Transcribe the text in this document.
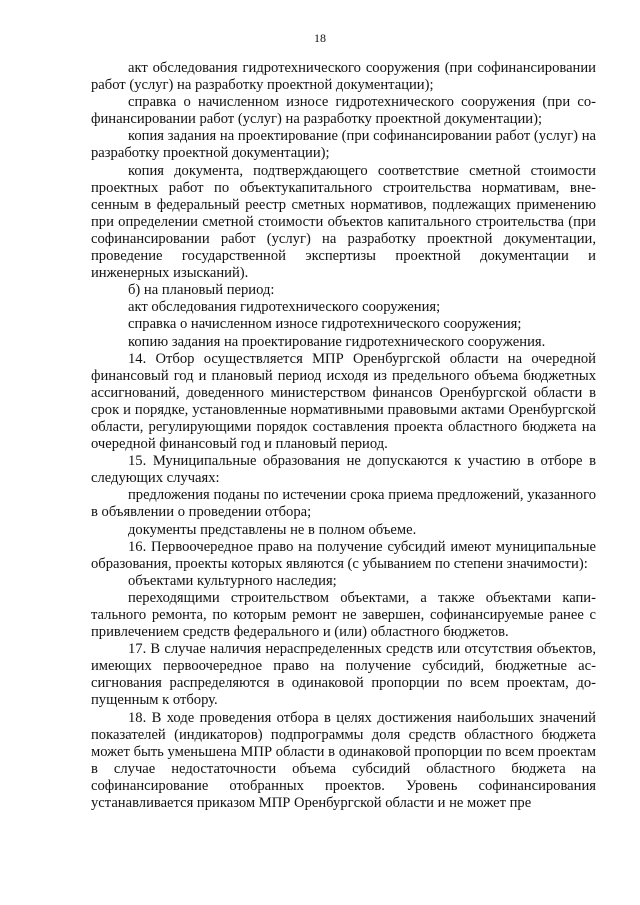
18

акт обследования гидротехнического сооружения (при софинансировании работ (услуг) на разработку проектной документации);

справка о начисленном износе гидротехнического сооружения (при софинансировании работ (услуг) на разработку проектной документации);

копия задания на проектирование (при софинансировании работ (услуг) на разработку проектной документации);

копия документа, подтверждающего соответствие сметной стоимости проектных работ по объектукапитального строительства нормативам, внесенным в федеральный реестр сметных нормативов, подлежащих применению при определении сметной стоимости объектов капитального строительства (при софинансировании работ (услуг) на разработку проектной документации, проведение государственной экспертизы проектной документации и инженерных изысканий).

б) на плановый период:

акт обследования гидротехнического сооружения;

справка о начисленном износе гидротехнического сооружения;

копию задания на проектирование гидротехнического сооружения.

14. Отбор осуществляется МПР Оренбургской области на очередной финансовый год и плановый период исходя из предельного объема бюджетных ассигнований, доведенного министерством финансов Оренбургской области в срок и порядке, установленные нормативными правовыми актами Оренбургской области, регулирующими порядок составления проекта областного бюджета на очередной финансовый год и плановый период.

15. Муниципальные образования не допускаются к участию в отборе в следующих случаях:

предложения поданы по истечении срока приема предложений, указанного в объявлении о проведении отбора;

документы представлены не в полном объеме.

16. Первоочередное право на получение субсидий имеют муниципальные образования, проекты которых являются (с убыванием по степени значимости):

объектами культурного наследия;

переходящими строительством объектами, а также объектами капитального ремонта, по которым ремонт не завершен, софинансируемые ранее с привлечением средств федерального и (или) областного бюджетов.

17. В случае наличия нераспределенных средств или отсутствия объектов, имеющих первоочередное право на получение субсидий, бюджетные ассигнования распределяются в одинаковой пропорции по всем проектам, допущенным к отбору.

18. В ходе проведения отбора в целях достижения наибольших значений показателей (индикаторов) подпрограммы доля средств областного бюджета может быть уменьшена МПР области в одинаковой пропорции по всем проектам в случае недостаточности объема субсидий областного бюджета на софинансирование отобранных проектов. Уровень софинансирования устанавливается приказом МПР Оренбургской области и не может пре
